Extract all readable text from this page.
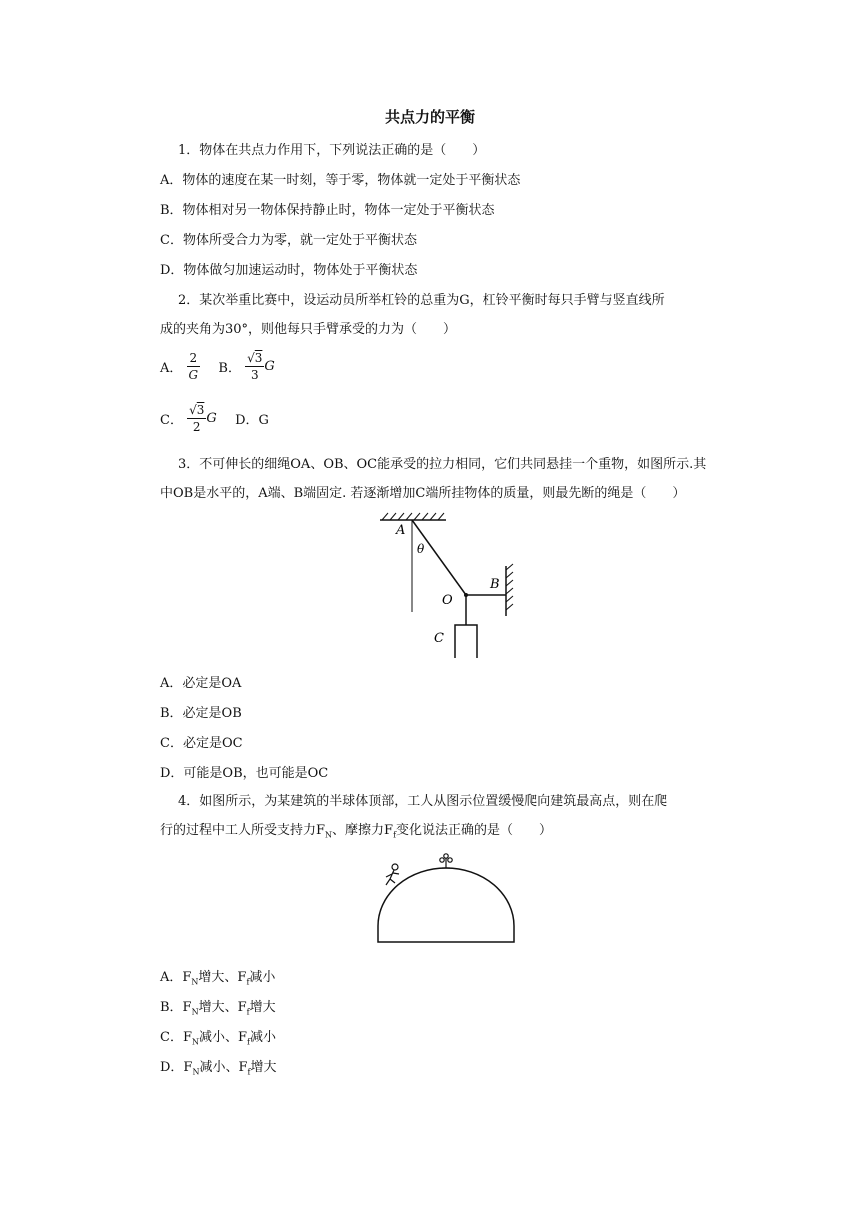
共点力的平衡
1．物体在共点力作用下，下列说法正确的是（　　）
A．物体的速度在某一时刻，等于零，物体就一定处于平衡状态
B．物体相对另一物体保持静止时，物体一定处于平衡状态
C．物体所受合力为零，就一定处于平衡状态
D．物体做匀加速运动时，物体处于平衡状态
2．某次举重比赛中，设运动员所举杠铃的总重为G，杠铃平衡时每只手臂与竖直线所
成的夹角为30°，则他每只手臂承受的力为（　　）
A． $\frac{2}{G}$ B． $\frac{√3}{3}$ G
C． $\frac{√3}{2}$ G D．G
3．不可伸长的细绳OA、OB、OC能承受的拉力相同，它们共同悬挂一个重物，如图所示.其
中OB是水平的，A端、B端固定. 若逐渐增加C端所挂物体的质量，则最先断的绳是（　　）
A
θ
B
O
C
A．必定是OA
B．必定是OB
C．必定是OC
D．可能是OB，也可能是OC
4．如图所示，为某建筑的半球体顶部，工人从图示位置缓慢爬向建筑最高点，则在爬
行的过程中工人所受支持力$F_N$、摩擦力$F_f$变化说法正确的是（　　）
A．$F_N$增大、$F_f$减小
B．$F_N$增大、$F_f$增大
C．$F_N$减小、$F_f$减小
D．$F_N$减小、$F_f$增大
